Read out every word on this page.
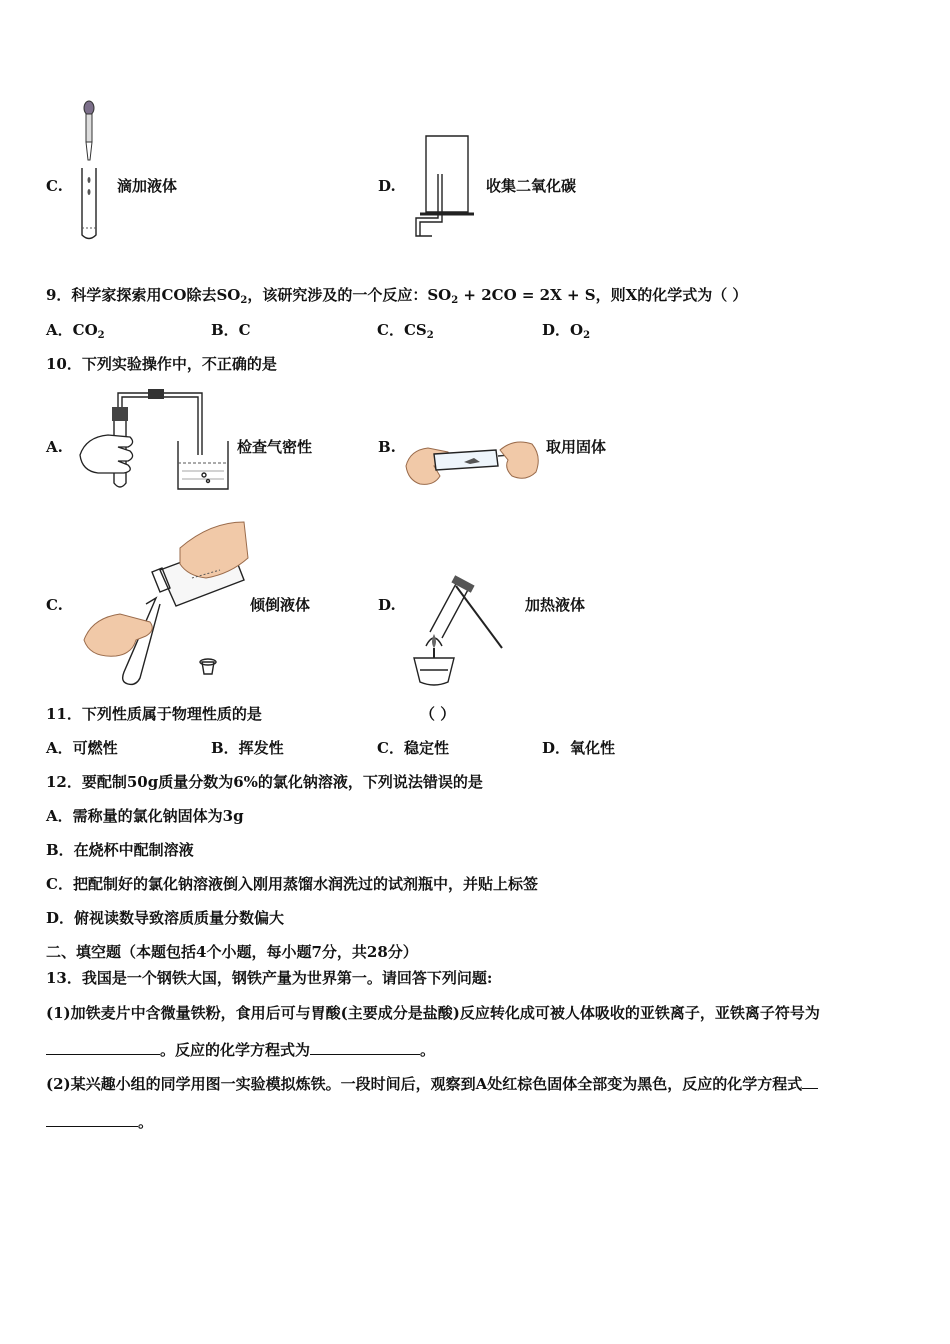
C.	滴加液体	D.	收集二氧化碳
9．科学家探索用CO除去$SO_2$，该研究涉及的一个反应：$SO_2 + 2CO = 2X + S$，则X的化学式为（ ）
A．$CO_2$	B．C	C．$CS_2$	D．$O_2$
10．下列实验操作中，不正确的是
A.	检查气密性	B.	取用固体
C.	倾倒液体	D.	加热液体
11．下列性质属于物理性质的是	（ ）
A．可燃性	B．挥发性	C．稳定性	D．氧化性
12．要配制50g质量分数为6%的氯化钠溶液，下列说法错误的是
A．需称量的氯化钠固体为3g
B．在烧杯中配制溶液
C．把配制好的氯化钠溶液倒入刚用蒸馏水润洗过的试剂瓶中，并贴上标签
D．俯视读数导致溶质质量分数偏大
二、填空题（本题包括4个小题，每小题7分，共28分）
13．我国是一个钢铁大国，钢铁产量为世界第一。请回答下列问题:
(1)加铁麦片中含微量铁粉，食用后可与胃酸(主要成分是盐酸)反应转化成可被人体吸收的亚铁离子，亚铁离子符号为
。反应的化学方程式为	。
(2)某兴趣小组的同学用图一实验模拟炼铁。一段时间后，观察到A处红棕色固体全部变为黑色，反应的化学方程式
。
